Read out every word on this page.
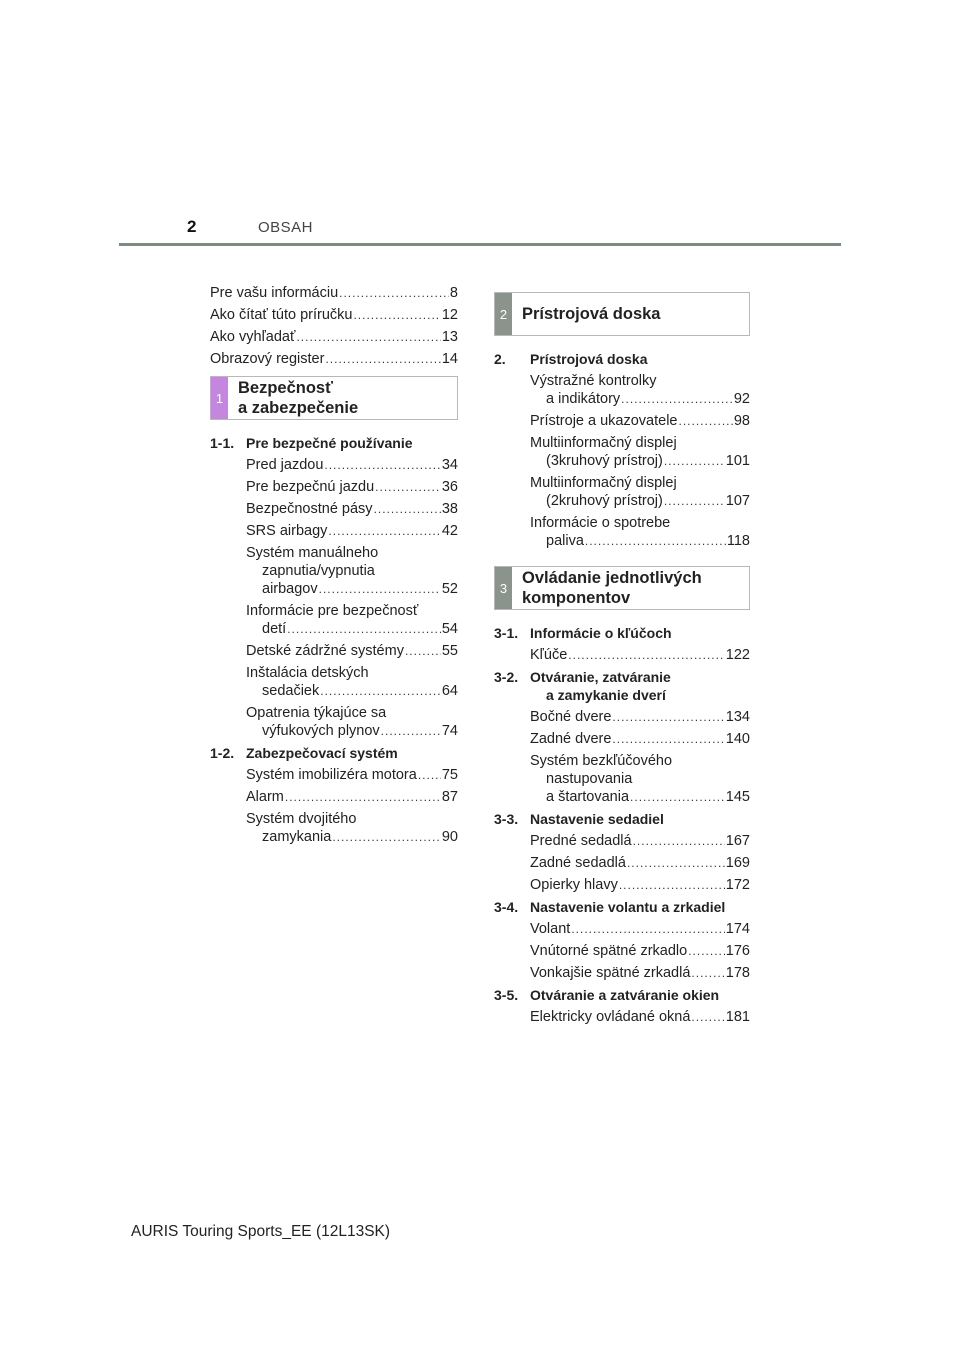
2	OBSAH
Pre vašu informáciu .....	8
Ako čítať túto príručku .....	12
Ako vyhľadať .....	13
Obrazový register .....	14
1
Bezpečnosť
a zabezpečenie
1-1. Pre bezpečné používanie
Pred jazdou .....	34
Pre bezpečnú jazdu .....	36
Bezpečnostné pásy .....	38
SRS airbagy .....	42
Systém manuálneho
zapnutia/vypnutia
airbagov .....	52
Informácie pre bezpečnosť
detí .....	54
Detské zádržné systémy .....	55
Inštalácia detských
sedačiek .....	64
Opatrenia týkajúce sa
výfukových plynov .....	74
1-2. Zabezpečovací systém
Systém imobilizéra motora ..... 75
Alarm .....	87
Systém dvojitého
zamykania .....	90
2 Prístrojová doska
2.	Prístrojová doska
Výstražné kontrolky
a indikátory .....	92
Prístroje a ukazovatele .....	98
Multiinformačný displej
(3kruhový prístroj) .....	101
Multiinformačný displej
(2kruhový prístroj) .....	107
Informácie o spotrebe
paliva .....	118
3
Ovládanie jednotlivých
komponentov
3-1. Informácie o kľúčoch
Kľúče .....	122
3-2. Otváranie, zatváranie
a zamykanie dverí
Bočné dvere .....	134
Zadné dvere .....	140
Systém bezkľúčového
nastupovania
a štartovania .....	145
3-3. Nastavenie sedadiel
Predné sedadlá .....	167
Zadné sedadlá .....	169
Opierky hlavy .....	172
3-4. Nastavenie volantu a zrkadiel
Volant .....	174
Vnútorné spätné zrkadlo .....	176
Vonkajšie spätné zrkadlá ..... 178
3-5. Otváranie a zatváranie okien
Elektricky ovládané okná ..... 181
AURIS Touring Sports_EE (12L13SK)
